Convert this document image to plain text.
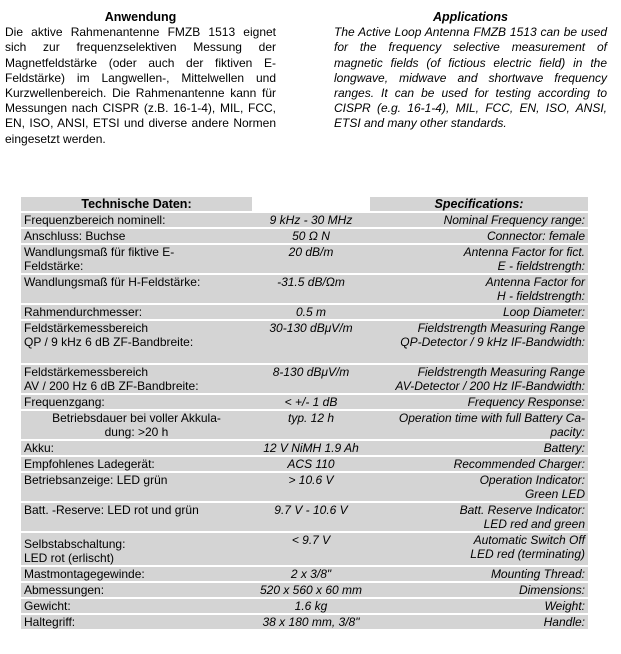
Anwendung

Die aktive Rahmenantenne FMZB 1513 eignet sich zur frequenzselektiven Messung der Magnetfeldstärke (oder auch der fiktiven E-Feldstärke) im Langwellen-, Mittelwellen und Kurzwellenbereich. Die Rahmenantenne kann für Messungen nach CISPR (z.B. 16-1-4), MIL, FCC, EN, ISO, ANSI, ETSI und diverse andere Normen eingesetzt werden.

Applications

The Active Loop Antenna FMZB 1513 can be used for the frequency selective measurement of magnetic fields (of fictious electric field) in the longwave, midwave and shortwave frequency ranges. It can be used for testing according to CISPR (e.g. 16-1-4), MIL, FCC, EN, ISO, ANSI, ETSI and many other standards.

Technische Daten:		Specifications:

Frequenzbereich nominell:	9 kHz - 30 MHz	Nominal Frequency range:

Anschluss: Buchse	50 Ω N	Connector: female

Wandlungsmaß für fiktive E-
Feldstärke:	20 dB/m	Antenna Factor for fict.
E - fieldstrength:

Wandlungsmaß für H-Feldstärke:	-31.5 dB/Ωm	Antenna Factor for
H - fieldstrength:

Rahmendurchmesser:	0.5 m	Loop Diameter:

Feldstärkemessbereich
QP / 9 kHz 6 dB ZF-Bandbreite:	30-130 dBμV/m	Fieldstrength Measuring Range
QP-Detector / 9 kHz IF-Bandwidth:

Feldstärkemessbereich
AV / 200 Hz 6 dB ZF-Bandbreite:	8-130 dBμV/m	Fieldstrength Measuring Range
AV-Detector / 200 Hz IF-Bandwidth:

Frequenzgang:	< +/- 1 dB	Frequency Response:

Betriebsdauer bei voller Akkula-
dung: >20 h	typ. 12 h	Operation time with full Battery Ca-
pacity:

Akku:	12 V NiMH 1.9 Ah	Battery:

Empfohlenes Ladegerät:	ACS 110	Recommended Charger:

Betriebsanzeige: LED grün	> 10.6 V	Operation Indicator:
Green LED

Batt. -Reserve: LED rot und grün	9.7 V - 10.6 V	Batt. Reserve Indicator:
LED red and green

Selbstabschaltung:
LED rot (erlischt)	< 9.7 V	Automatic Switch Off
LED red (terminating)

Mastmontagegewinde:	2 x 3/8"	Mounting Thread:

Abmessungen:	520 x 560 x 60 mm	Dimensions:

Gewicht:	1.6 kg	Weight:

Haltegriff:	38 x 180 mm, 3/8"	Handle:
